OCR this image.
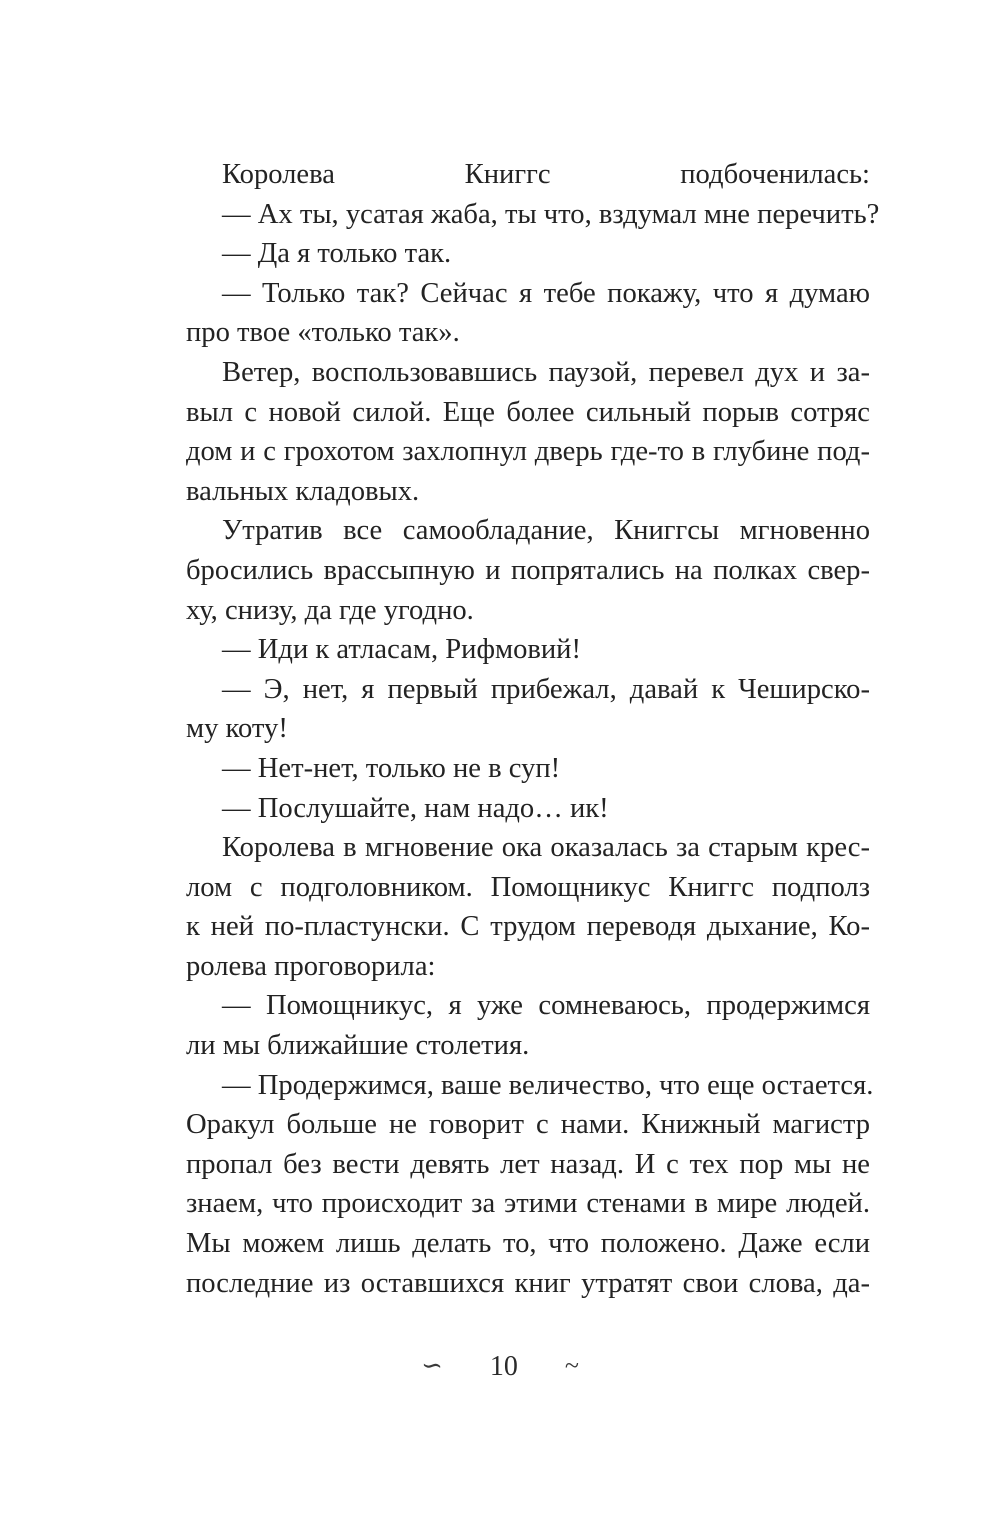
Королева Книггс подбоченилась:
— Ах ты, усатая жаба, ты что, вздумал мне перечить?
— Да я только так.
— Только так? Сейчас я тебе покажу, что я думаю
про твое «только так».
Ветер, воспользовавшись паузой, перевел дух и за-
выл с новой силой. Еще более сильный порыв сотряс
дом и с грохотом захлопнул дверь где-то в глубине под-
вальных кладовых.
Утратив все самообладание, Книггсы мгновенно
бросились врассыпную и попрятались на полках свер-
ху, снизу, да где угодно.
— Иди к атласам, Рифмовий!
— Э, нет, я первый прибежал, давай к Чеширско-
му коту!
— Нет-нет, только не в суп!
— Послушайте, нам надо… ик!
Королева в мгновение ока оказалась за старым крес-
лом с подголовником. Помощникус Книггс подполз
к ней по-пластунски. С трудом переводя дыхание, Ко-
ролева проговорила:
— Помощникус, я уже сомневаюсь, продержимся
ли мы ближайшие столетия.
— Продержимся, ваше величество, что еще остается.
Оракул больше не говорит с нами. Книжный магистр
пропал без вести девять лет назад. И с тех пор мы не
знаем, что происходит за этими стенами в мире людей.
Мы можем лишь делать то, что положено. Даже если
последние из оставшихся книг утратят свои слова, да-
∽ 10 ~
